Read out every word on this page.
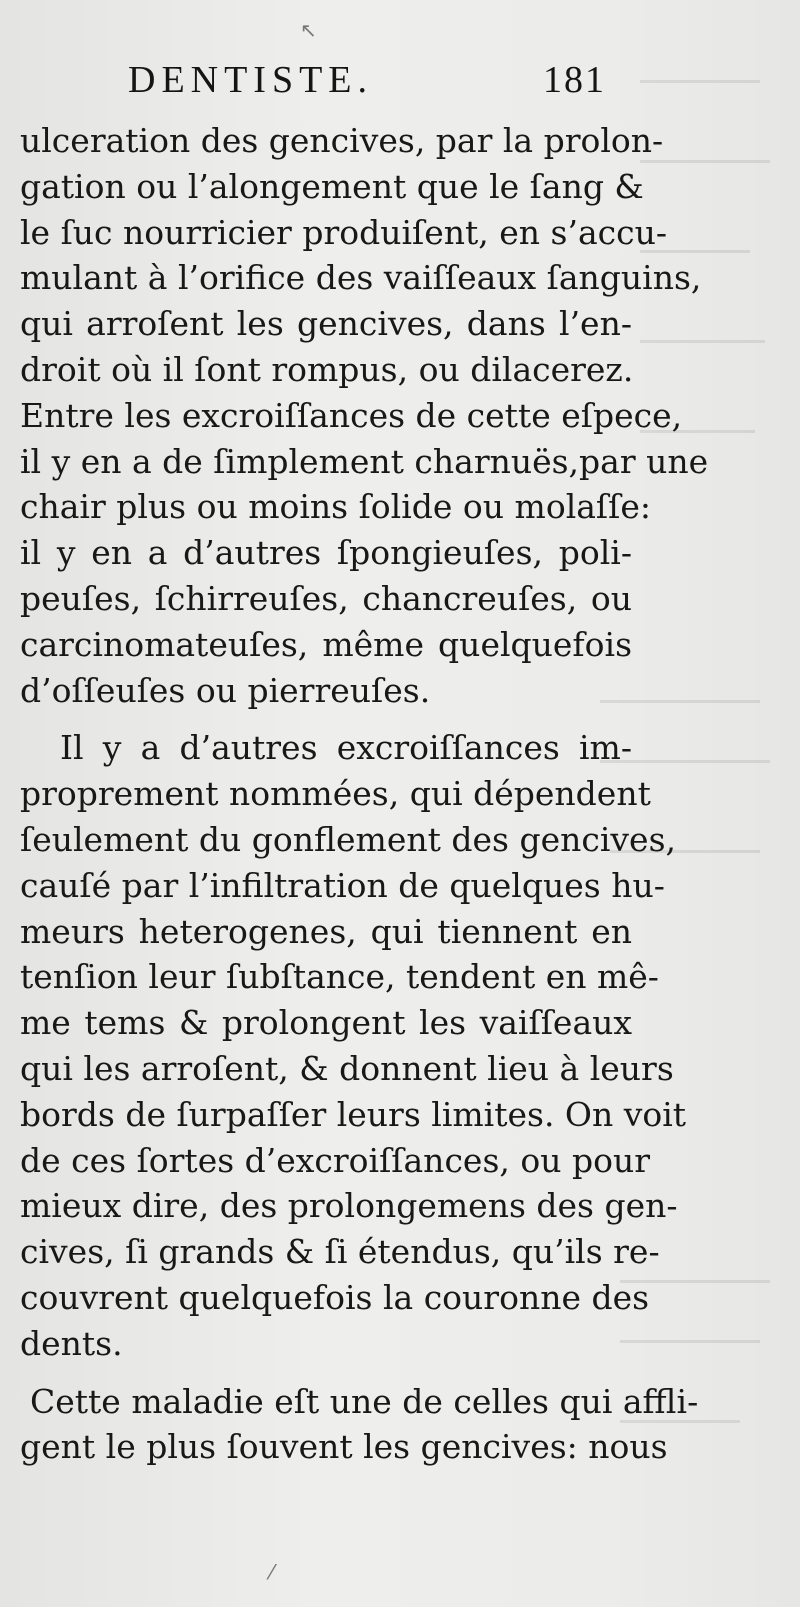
↖
⁄
DENTISTE.	181
ulceration des gencives, par la prolon-
gation ou l’alongement que le ſang &
le ſuc nourricier produiſent, en s’accu-
mulant à l’orifice des vaiſſeaux ſanguins,
qui arroſent les gencives, dans l’en-
droit où il ſont rompus, ou dilacerez.
Entre les excroiſſances de cette eſpece,
il y en a de ſimplement charnuës,par une
chair plus ou moins ſolide ou molaſſe:
il y en a d’autres ſpongieuſes, poli-
peuſes, ſchirreuſes, chancreuſes, ou
carcinomateuſes, même quelquefois
d’oſſeuſes ou pierreuſes.
Il y a d’autres excroiſſances im-
proprement nommées, qui dépendent
ſeulement du gonflement des gencives,
cauſé par l’infiltration de quelques hu-
meurs heterogenes, qui tiennent en
tenſion leur ſubſtance, tendent en mê-
me tems & prolongent les vaiſſeaux
qui les arroſent, & donnent lieu à leurs
bords de ſurpaſſer leurs limites. On voit
de ces ſortes d’excroiſſances, ou pour
mieux dire, des prolongemens des gen-
cives, ſi grands & ſi étendus, qu’ils re-
couvrent quelquefois la couronne des
dents.
Cette maladie eſt une de celles qui affli-
gent le plus ſouvent les gencives: nous
